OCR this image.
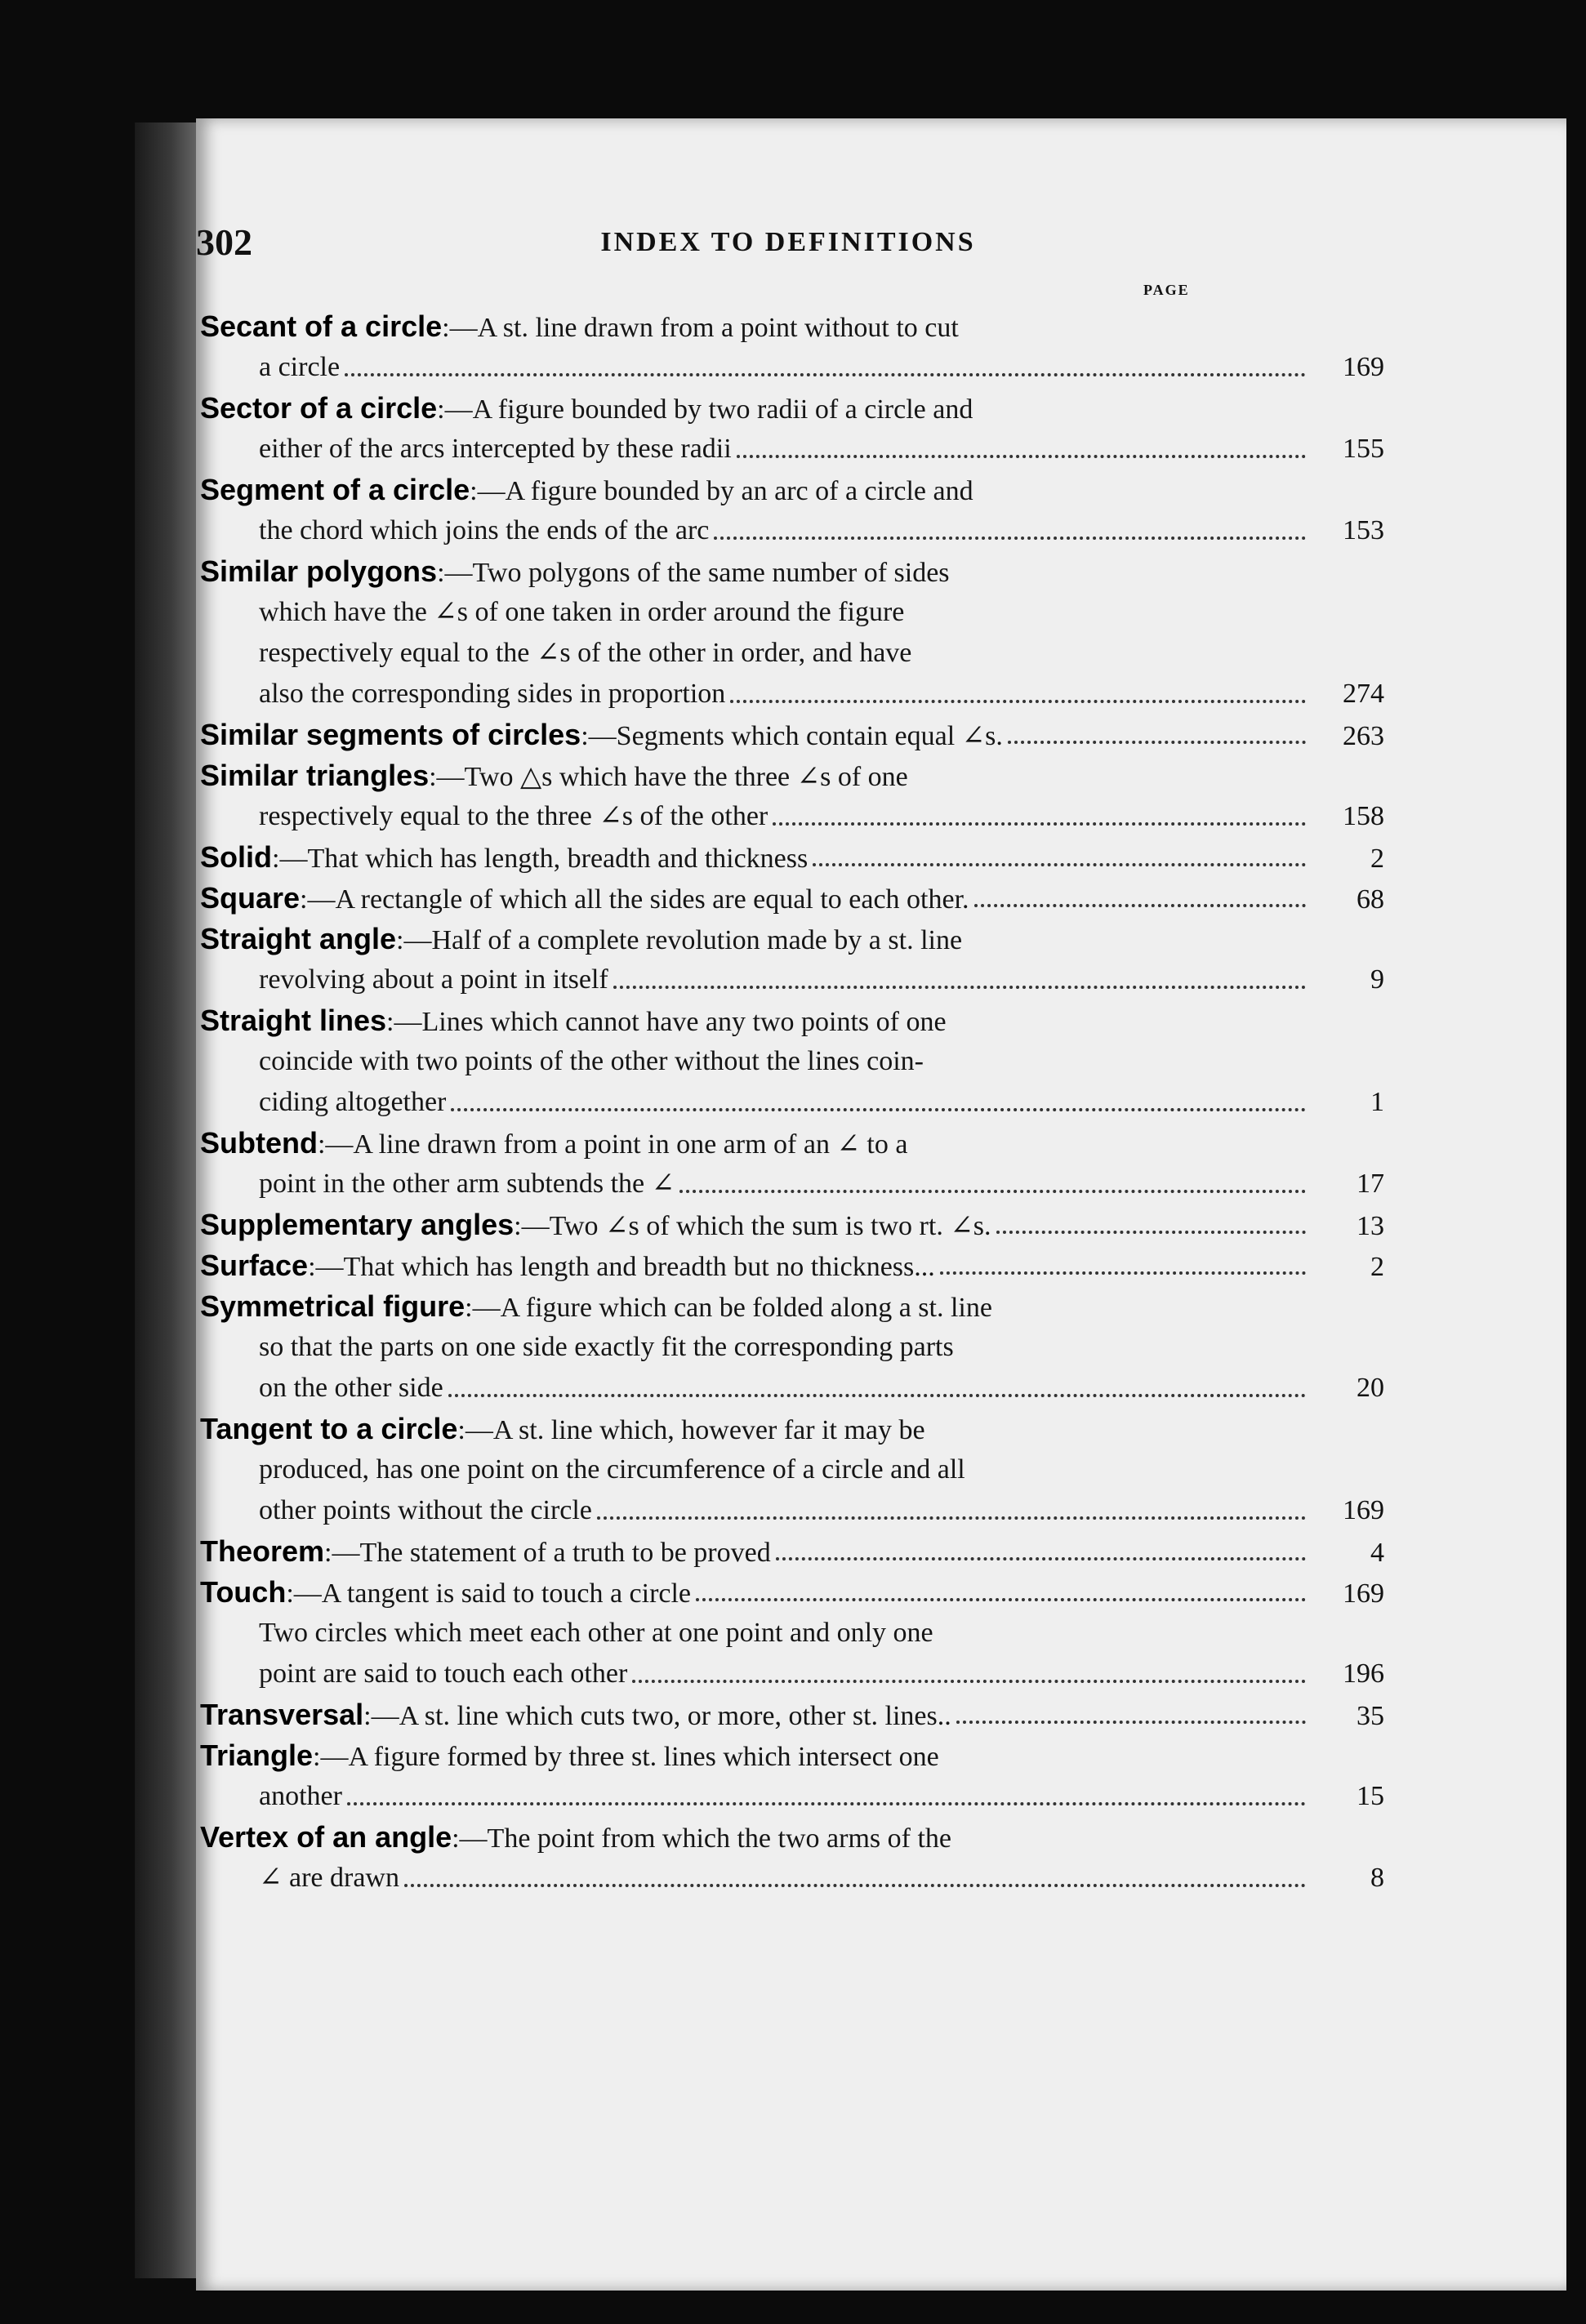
302	INDEX TO DEFINITIONS
PAGE
Secant of a circle :—A st. line drawn from a point without to cut
a circle	169
Sector of a circle :—A figure bounded by two radii of a circle and
either of the arcs intercepted by these radii	155
Segment of a circle :—A figure bounded by an arc of a circle and
the chord which joins the ends of the arc	153
Similar polygons :—Two polygons of the same number of sides
which have the ∠s of one taken in order around the figure
respectively equal to the ∠s of the other in order, and have
also the corresponding sides in proportion	274
Similar segments of circles :—Segments which contain equal ∠s.	263
Similar triangles :—Two △s which have the three ∠s of one
respectively equal to the three ∠s of the other	158
Solid :—That which has length, breadth and thickness	2
Square :—A rectangle of which all the sides are equal to each other.	68
Straight angle :—Half of a complete revolution made by a st. line
revolving about a point in itself	9
Straight lines :—Lines which cannot have any two points of one
coincide with two points of the other without the lines coin-
ciding altogether	1
Subtend :—A line drawn from a point in one arm of an ∠ to a
point in the other arm subtends the ∠	17
Supplementary angles :—Two ∠s of which the sum is two rt. ∠s.	13
Surface :—That which has length and breadth but no thickness...	2
Symmetrical figure :—A figure which can be folded along a st. line
so that the parts on one side exactly fit the corresponding parts
on the other side	20
Tangent to a circle :—A st. line which, however far it may be
produced, has one point on the circumference of a circle and all
other points without the circle	169
Theorem :—The statement of a truth to be proved	4
Touch :—A tangent is said to touch a circle	169
Two circles which meet each other at one point and only one
point are said to touch each other	196
Transversal :—A st. line which cuts two, or more, other st. lines..	35
Triangle :—A figure formed by three st. lines which intersect one
another	15
Vertex of an angle :—The point from which the two arms of the
∠ are drawn	8
